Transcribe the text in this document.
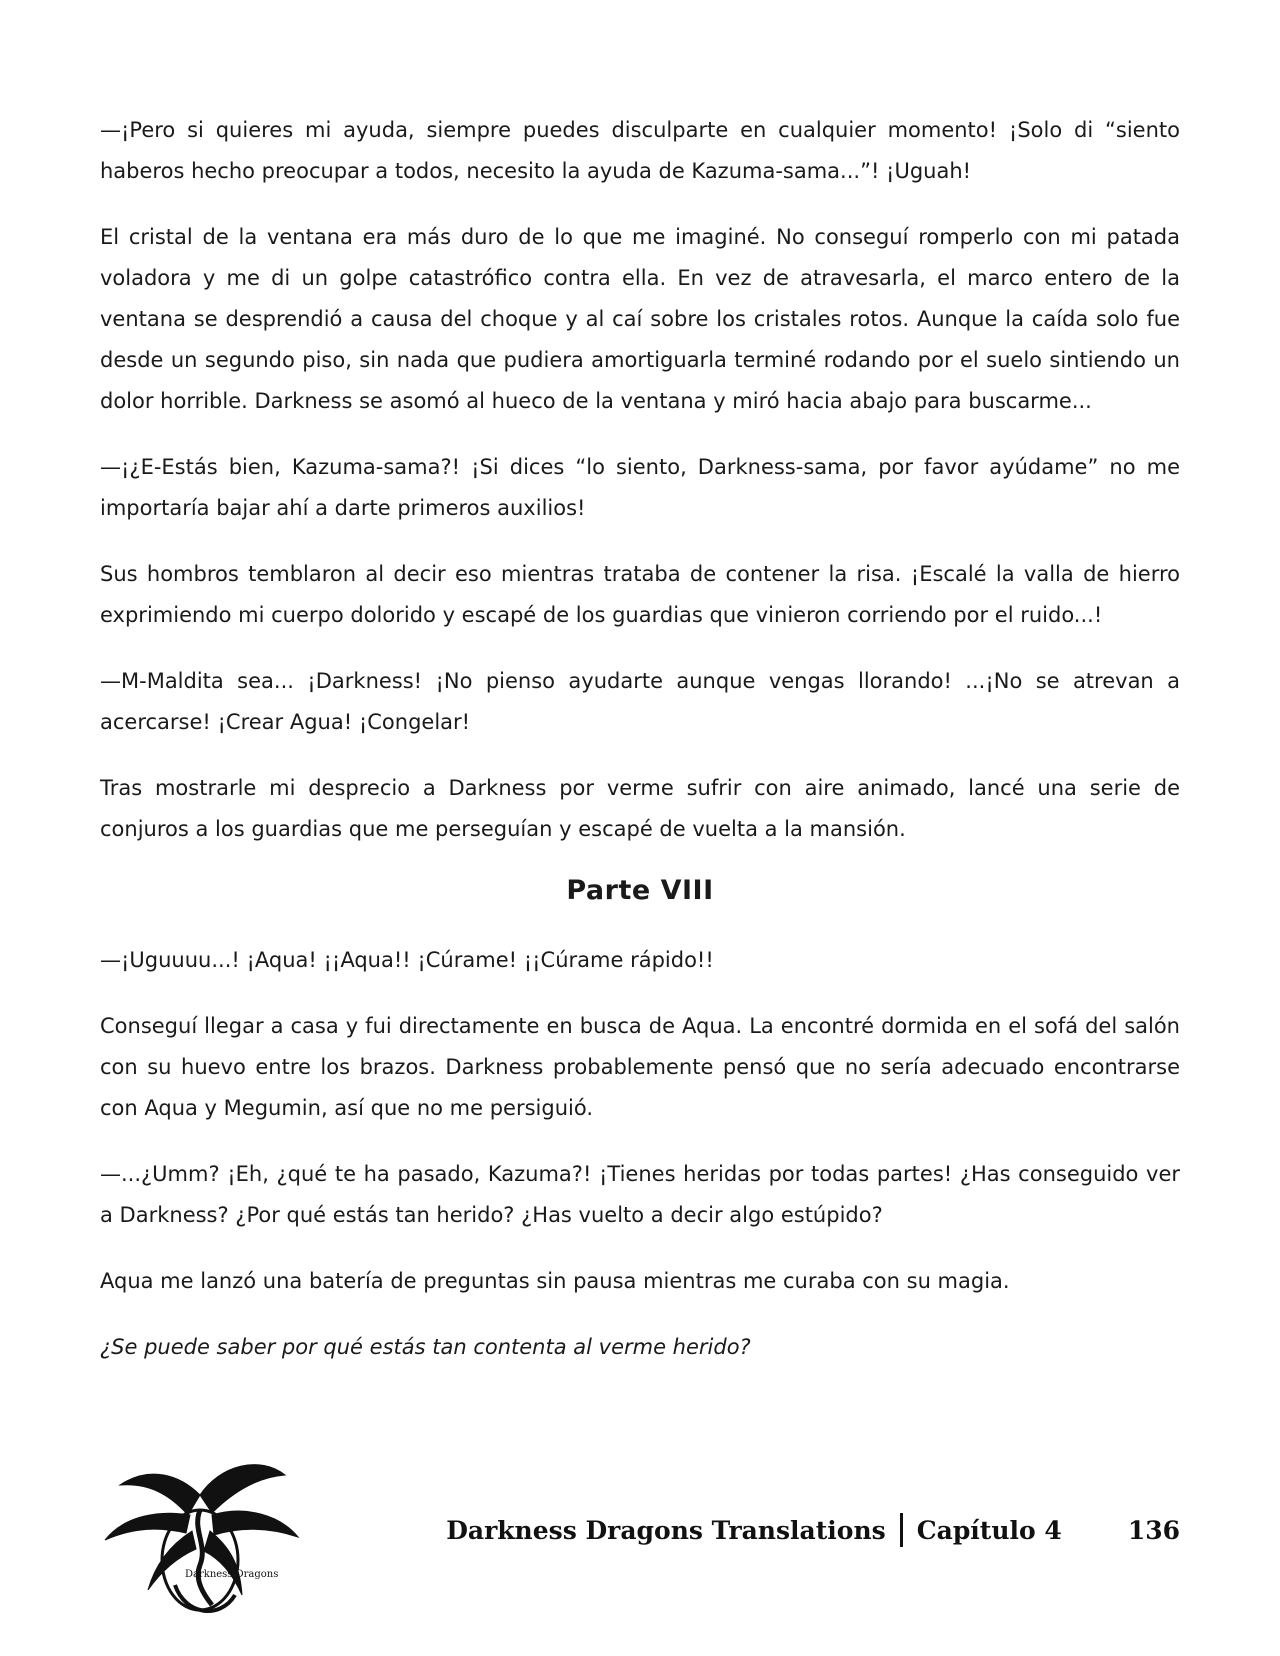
—¡Pero si quieres mi ayuda, siempre puedes disculparte en cualquier momento! ¡Solo di “siento haberos hecho preocupar a todos, necesito la ayuda de Kazuma-sama...”! ¡Uguah!

El cristal de la ventana era más duro de lo que me imaginé. No conseguí romperlo con mi patada voladora y me di un golpe catastrófico contra ella. En vez de atravesarla, el marco entero de la ventana se desprendió a causa del choque y al caí sobre los cristales rotos. Aunque la caída solo fue desde un segundo piso, sin nada que pudiera amortiguarla terminé rodando por el suelo sintiendo un dolor horrible. Darkness se asomó al hueco de la ventana y miró hacia abajo para buscarme...

—¡¿E-Estás bien, Kazuma-sama?! ¡Si dices “lo siento, Darkness-sama, por favor ayúdame” no me importaría bajar ahí a darte primeros auxilios!

Sus hombros temblaron al decir eso mientras trataba de contener la risa. ¡Escalé la valla de hierro exprimiendo mi cuerpo dolorido y escapé de los guardias que vinieron corriendo por el ruido...!

—M-Maldita sea... ¡Darkness! ¡No pienso ayudarte aunque vengas llorando! ...¡No se atrevan a acercarse! ¡Crear Agua! ¡Congelar!

Tras mostrarle mi desprecio a Darkness por verme sufrir con aire animado, lancé una serie de conjuros a los guardias que me perseguían y escapé de vuelta a la mansión.

Parte VIII

—¡Uguuuu...! ¡Aqua! ¡¡Aqua!! ¡Cúrame! ¡¡Cúrame rápido!!

Conseguí llegar a casa y fui directamente en busca de Aqua. La encontré dormida en el sofá del salón con su huevo entre los brazos. Darkness probablemente pensó que no sería adecuado encontrarse con Aqua y Megumin, así que no me persiguió.

—...¿Umm? ¡Eh, ¿qué te ha pasado, Kazuma?! ¡Tienes heridas por todas partes! ¿Has conseguido ver a Darkness? ¿Por qué estás tan herido? ¿Has vuelto a decir algo estúpido?

Aqua me lanzó una batería de preguntas sin pausa mientras me curaba con su magia.

¿Se puede saber por qué estás tan contenta al verme herido?

Darkness Dragons
Darkness Dragons Translations Capítulo 4	136
